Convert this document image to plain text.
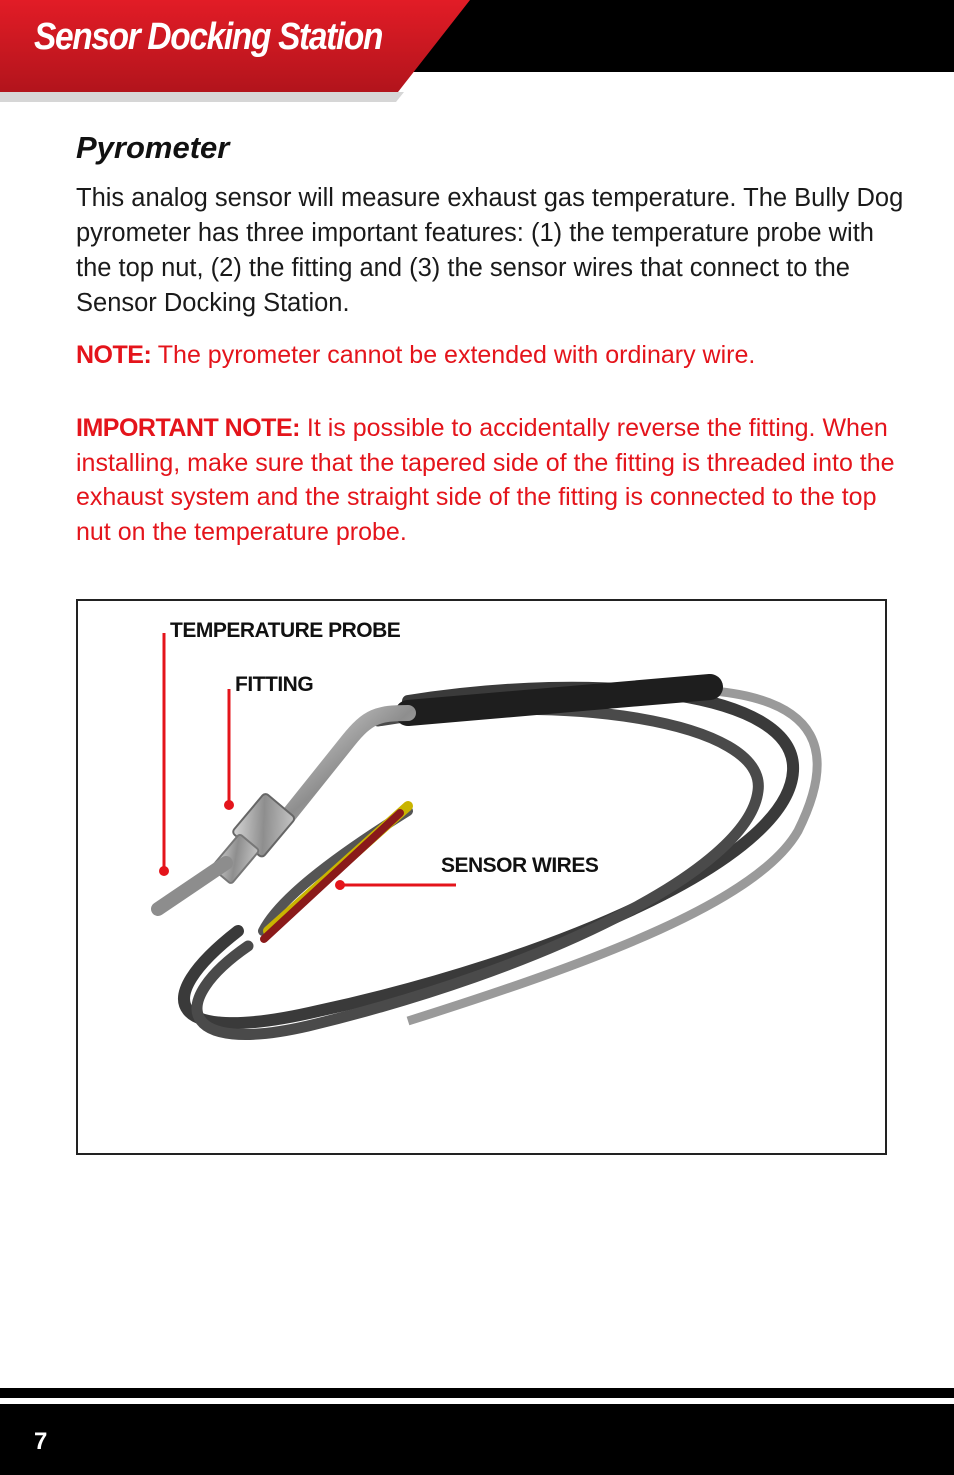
Sensor Docking Station
Pyrometer

This analog sensor will measure exhaust gas temperature. The Bully Dog pyrometer has three important features: (1) the temperature probe with the top nut, (2) the fitting and (3) the sensor wires that connect to the Sensor Docking Station.

NOTE: The pyrometer cannot be extended with ordinary wire.

IMPORTANT NOTE: It is possible to accidentally reverse the fitting. When installing, make sure that the tapered side of the fitting is threaded into the exhaust system and the straight side of the fitting is connected to the top nut on the temperature probe.

TEMPERATURE PROBE
FITTING
SENSOR WIRES
7
